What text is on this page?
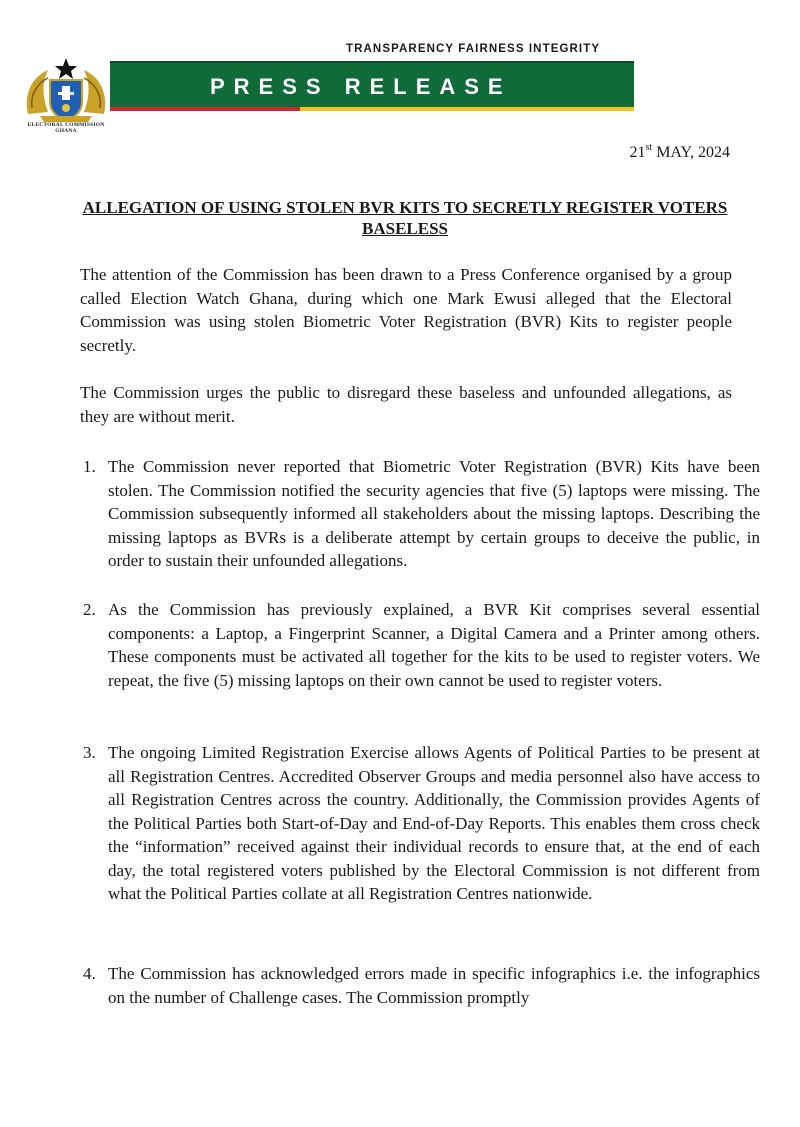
ELECTORAL COMMISSION
GHANA
TRANSPARENCY FAIRNESS INTEGRITY
PRESS RELEASE
21st MAY, 2024
ALLEGATION OF USING STOLEN BVR KITS TO SECRETLY REGISTER VOTERS BASELESS
The attention of the Commission has been drawn to a Press Conference organised by a group called Election Watch Ghana, during which one Mark Ewusi alleged that the Electoral Commission was using stolen Biometric Voter Registration (BVR) Kits to register people secretly.
The Commission urges the public to disregard these baseless and unfounded allegations, as they are without merit.
1. The Commission never reported that Biometric Voter Registration (BVR) Kits have been stolen. The Commission notified the security agencies that five (5) laptops were missing. The Commission subsequently informed all stakeholders about the missing laptops. Describing the missing laptops as BVRs is a deliberate attempt by certain groups to deceive the public, in order to sustain their unfounded allegations.
2. As the Commission has previously explained, a BVR Kit comprises several essential components: a Laptop, a Fingerprint Scanner, a Digital Camera and a Printer among others. These components must be activated all together for the kits to be used to register voters. We repeat, the five (5) missing laptops on their own cannot be used to register voters.
3. The ongoing Limited Registration Exercise allows Agents of Political Parties to be present at all Registration Centres. Accredited Observer Groups and media personnel also have access to all Registration Centres across the country. Additionally, the Commission provides Agents of the Political Parties both Start-of-Day and End-of-Day Reports. This enables them cross check the “information” received against their individual records to ensure that, at the end of each day, the total registered voters published by the Electoral Commission is not different from what the Political Parties collate at all Registration Centres nationwide.
4. The Commission has acknowledged errors made in specific infographics i.e. the infographics on the number of Challenge cases. The Commission promptly
